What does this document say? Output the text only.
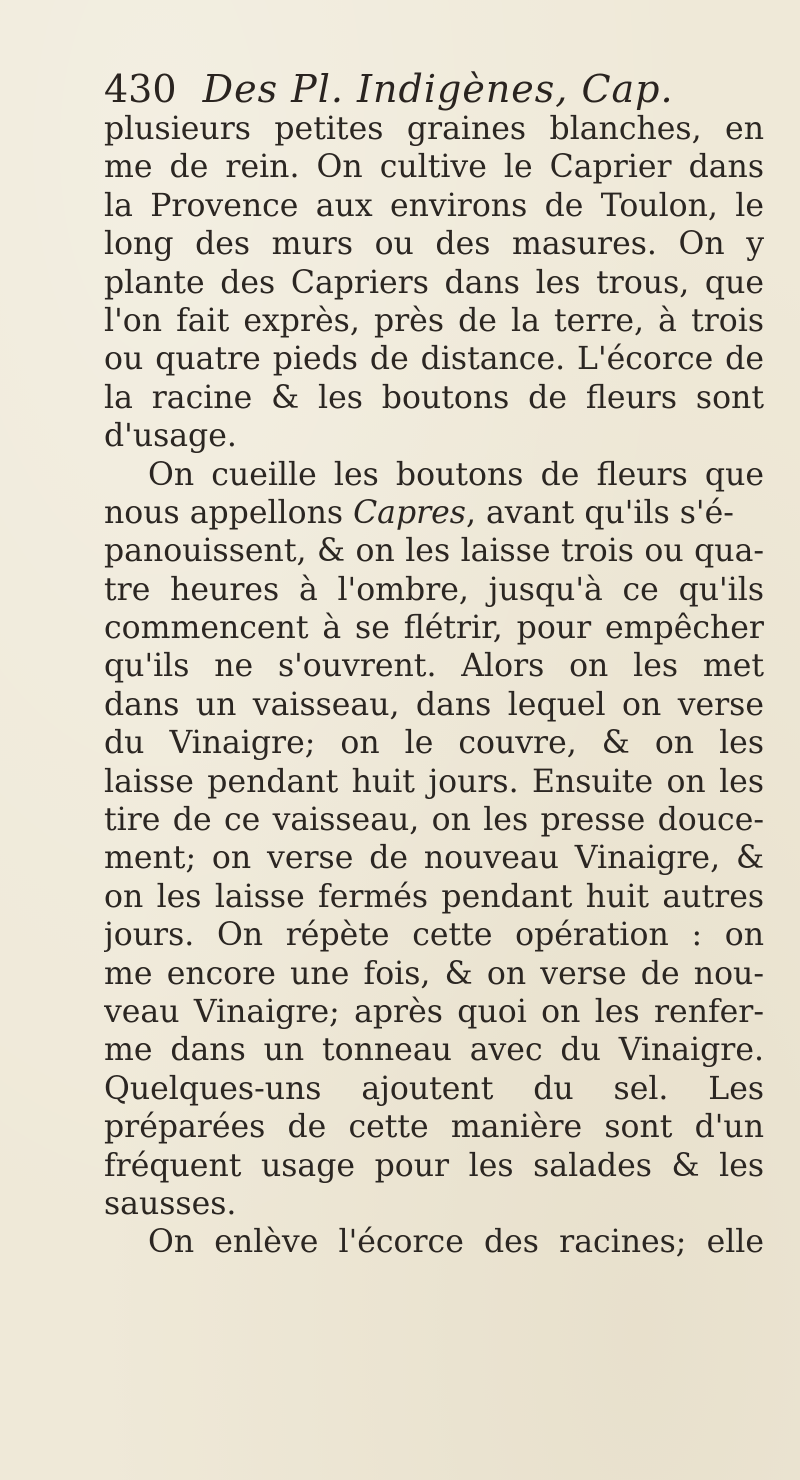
430 Des Pl. Indigènes, Cap.
plusieurs petites graines blanches, en
me de rein. On cultive le Caprier dans
la Provence aux environs de Toulon, le
long des murs ou des masures. On y
plante des Capriers dans les trous, que
l'on fait exprès, près de la terre, à trois
ou quatre pieds de distance. L'écorce de
la racine & les boutons de fleurs sont
d'usage.
On cueille les boutons de fleurs que
nous appellons Capres, avant qu'ils s'é-
panouissent, & on les laisse trois ou qua-
tre heures à l'ombre, jusqu'à ce qu'ils
commencent à se flétrir, pour empêcher
qu'ils ne s'ouvrent. Alors on les met
dans un vaisseau, dans lequel on verse
du Vinaigre; on le couvre, & on les
laisse pendant huit jours. Ensuite on les
tire de ce vaisseau, on les presse douce-
ment; on verse de nouveau Vinaigre, &
on les laisse fermés pendant huit autres
jours. On répète cette opération : on
me encore une fois, & on verse de nou-
veau Vinaigre; après quoi on les renfer-
me dans un tonneau avec du Vinaigre.
Quelques-uns ajoutent du sel. Les
préparées de cette manière sont d'un
fréquent usage pour les salades & les
sausses.
On enlève l'écorce des racines; elle
